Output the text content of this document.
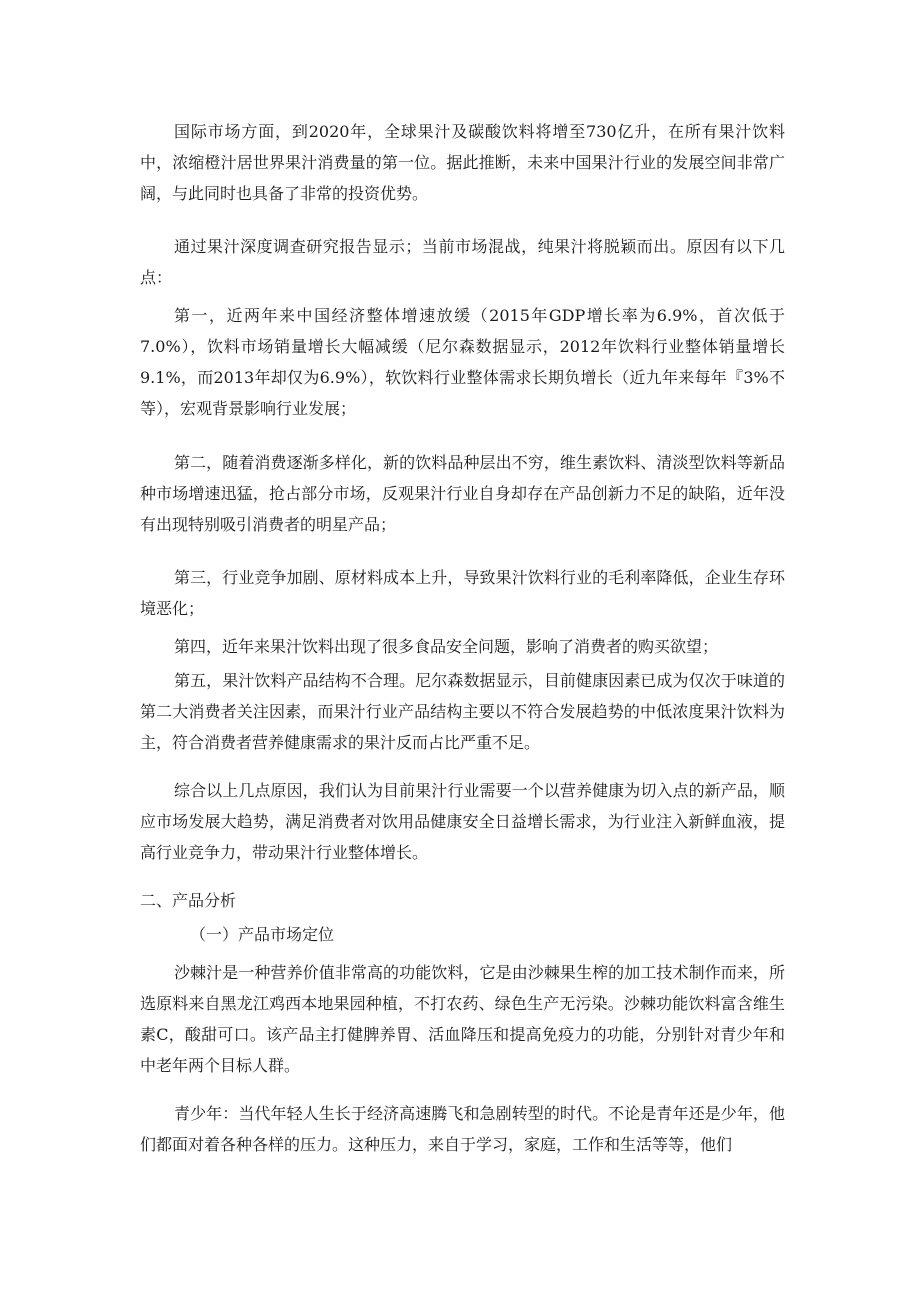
国际市场方面，到2020年，全球果汁及碳酸饮料将增至730亿升，在所有果汁饮料中，浓缩橙汁居世界果汁消费量的第一位。据此推断，未来中国果汁行业的发展空间非常广阔，与此同时也具备了非常的投资优势。
通过果汁深度调查研究报告显示；当前市场混战，纯果汁将脱颖而出。原因有以下几点：
第一，近两年来中国经济整体增速放缓（2015年GDP增长率为6.9%，首次低于7.0%），饮料市场销量增长大幅减缓（尼尔森数据显示，2012年饮料行业整体销量增长9.1%，而2013年却仅为6.9%），软饮料行业整体需求长期负增长（近九年来每年『3%不等），宏观背景影响行业发展；
第二，随着消费逐渐多样化，新的饮料品种层出不穷，维生素饮料、清淡型饮料等新品种市场增速迅猛，抢占部分市场，反观果汁行业自身却存在产品创新力不足的缺陷，近年没有出现特别吸引消费者的明星产品；
第三，行业竞争加剧、原材料成本上升，导致果汁饮料行业的毛利率降低，企业生存环境恶化；
第四，近年来果汁饮料出现了很多食品安全问题，影响了消费者的购买欲望；
第五，果汁饮料产品结构不合理。尼尔森数据显示，目前健康因素已成为仅次于味道的第二大消费者关注因素，而果汁行业产品结构主要以不符合发展趋势的中低浓度果汁饮料为主，符合消费者营养健康需求的果汁反而占比严重不足。
综合以上几点原因，我们认为目前果汁行业需要一个以营养健康为切入点的新产品，顺应市场发展大趋势，满足消费者对饮用品健康安全日益增长需求，为行业注入新鲜血液，提高行业竞争力，带动果汁行业整体增长。
二、产品分析
（一）产品市场定位
沙棘汁是一种营养价值非常高的功能饮料，它是由沙棘果生榨的加工技术制作而来，所选原料来自黑龙江鸡西本地果园种植，不打农药、绿色生产无污染。沙棘功能饮料富含维生素C，酸甜可口。该产品主打健脾养胃、活血降压和提高免疫力的功能，分别针对青少年和中老年两个目标人群。
青少年：当代年轻人生长于经济高速腾飞和急剧转型的时代。不论是青年还是少年，他们都面对着各种各样的压力。这种压力，来自于学习，家庭，工作和生活等等，他们
